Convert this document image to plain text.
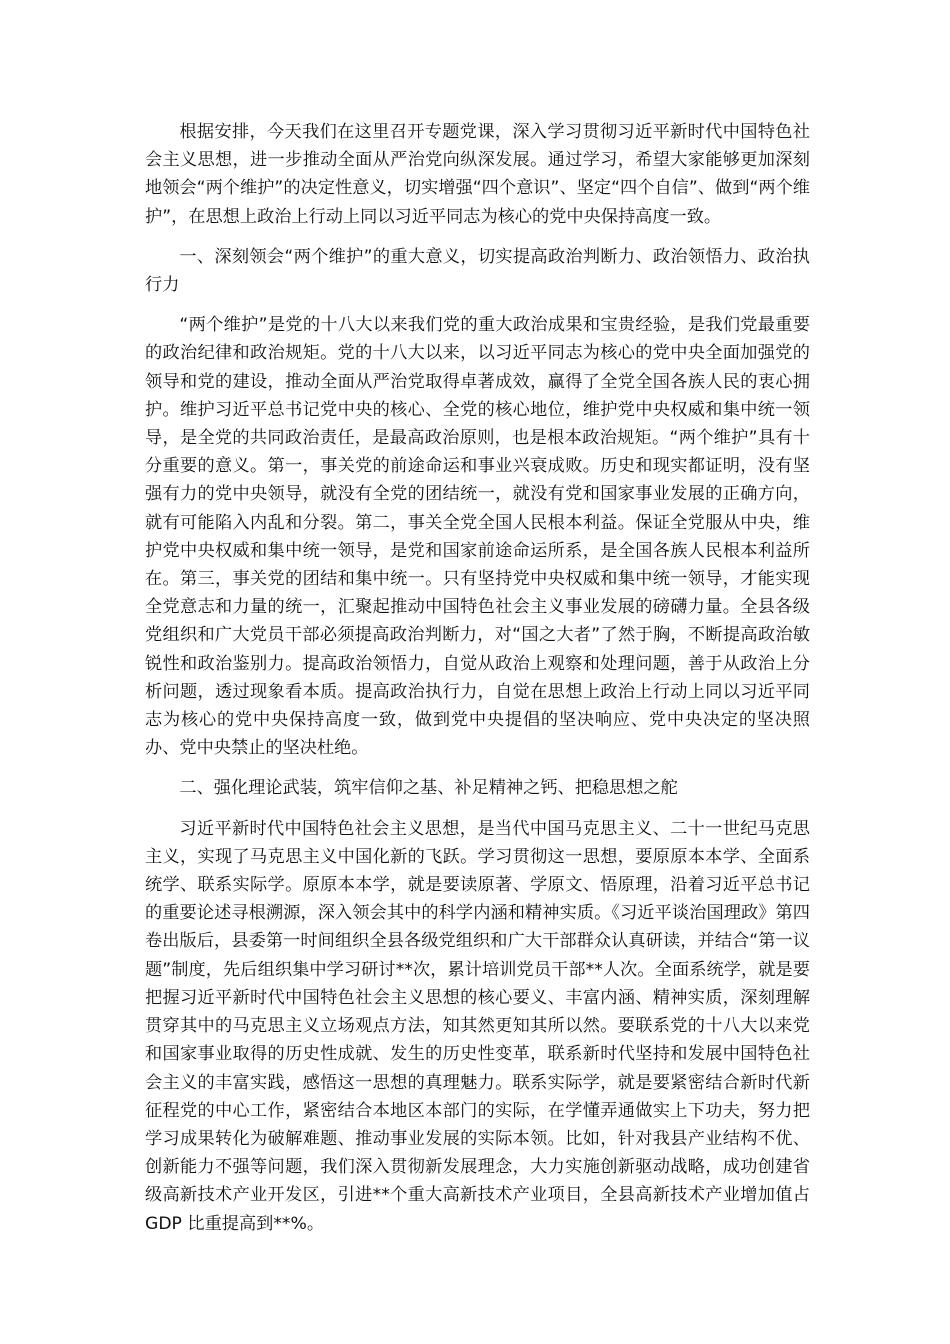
根据安排，今天我们在这里召开专题党课，深入学习贯彻习近平新时代中国特色社会主义思想，进一步推动全面从严治党向纵深发展。通过学习，希望大家能够更加深刻地领会“两个维护”的决定性意义，切实增强“四个意识”、坚定“四个自信”、做到“两个维护”，在思想上政治上行动上同以习近平同志为核心的党中央保持高度一致。

一、深刻领会“两个维护”的重大意义，切实提高政治判断力、政治领悟力、政治执行力

“两个维护”是党的十八大以来我们党的重大政治成果和宝贵经验，是我们党最重要的政治纪律和政治规矩。党的十八大以来，以习近平同志为核心的党中央全面加强党的领导和党的建设，推动全面从严治党取得卓著成效，赢得了全党全国各族人民的衷心拥护。维护习近平总书记党中央的核心、全党的核心地位，维护党中央权威和集中统一领导，是全党的共同政治责任，是最高政治原则，也是根本政治规矩。“两个维护”具有十分重要的意义。第一，事关党的前途命运和事业兴衰成败。历史和现实都证明，没有坚强有力的党中央领导，就没有全党的团结统一，就没有党和国家事业发展的正确方向，就有可能陷入内乱和分裂。第二，事关全党全国人民根本利益。保证全党服从中央，维护党中央权威和集中统一领导，是党和国家前途命运所系，是全国各族人民根本利益所在。第三，事关党的团结和集中统一。只有坚持党中央权威和集中统一领导，才能实现全党意志和力量的统一，汇聚起推动中国特色社会主义事业发展的磅礴力量。全县各级党组织和广大党员干部必须提高政治判断力，对“国之大者”了然于胸，不断提高政治敏锐性和政治鉴别力。提高政治领悟力，自觉从政治上观察和处理问题，善于从政治上分析问题，透过现象看本质。提高政治执行力，自觉在思想上政治上行动上同以习近平同志为核心的党中央保持高度一致，做到党中央提倡的坚决响应、党中央决定的坚决照办、党中央禁止的坚决杜绝。

二、强化理论武装，筑牢信仰之基、补足精神之钙、把稳思想之舵

习近平新时代中国特色社会主义思想，是当代中国马克思主义、二十一世纪马克思主义，实现了马克思主义中国化新的飞跃。学习贯彻这一思想，要原原本本学、全面系统学、联系实际学。原原本本学，就是要读原著、学原文、悟原理，沿着习近平总书记的重要论述寻根溯源，深入领会其中的科学内涵和精神实质。《习近平谈治国理政》第四卷出版后，县委第一时间组织全县各级党组织和广大干部群众认真研读，并结合“第一议题”制度，先后组织集中学习研讨**次，累计培训党员干部**人次。全面系统学，就是要把握习近平新时代中国特色社会主义思想的核心要义、丰富内涵、精神实质，深刻理解贯穿其中的马克思主义立场观点方法，知其然更知其所以然。要联系党的十八大以来党和国家事业取得的历史性成就、发生的历史性变革，联系新时代坚持和发展中国特色社会主义的丰富实践，感悟这一思想的真理魅力。联系实际学，就是要紧密结合新时代新征程党的中心工作，紧密结合本地区本部门的实际，在学懂弄通做实上下功夫，努力把学习成果转化为破解难题、推动事业发展的实际本领。比如，针对我县产业结构不优、创新能力不强等问题，我们深入贯彻新发展理念，大力实施创新驱动战略，成功创建省级高新技术产业开发区，引进**个重大高新技术产业项目，全县高新技术产业增加值占 GDP 比重提高到**%。
